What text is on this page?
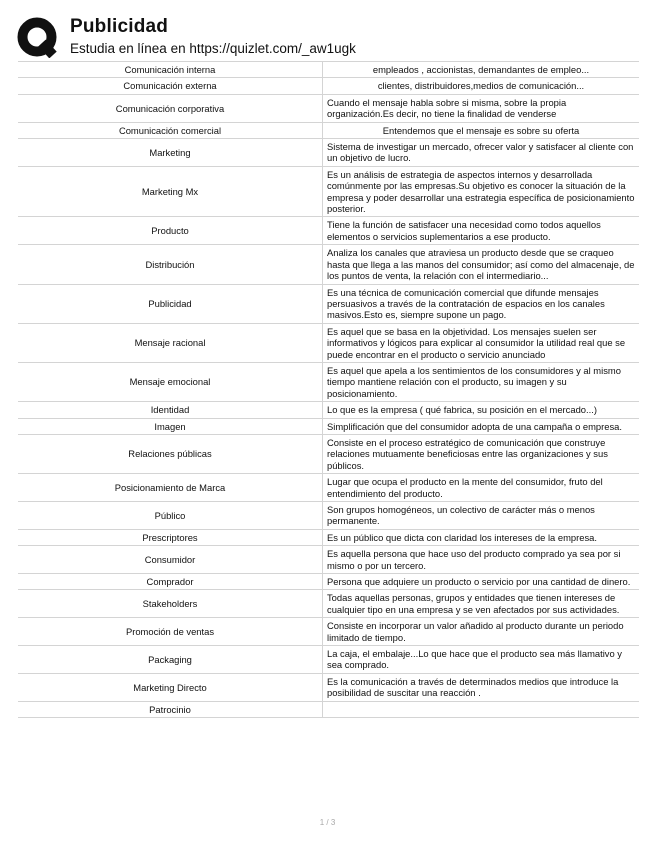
Publicidad
Estudia en línea en https://quizlet.com/_aw1ugk
Comunicación interna	empleados , accionistas, demandantes de empleo...
Comunicación externa	clientes, distribuidores,medios de comunicación...
Comunicación corporativa	Cuando el mensaje habla sobre si misma, sobre la propia organización.Es decir, no tiene la finalidad de venderse
Comunicación comercial	Entendemos que el mensaje es sobre su oferta
Marketing	Sistema de investigar un mercado, ofrecer valor y satisfacer al cliente con un objetivo de lucro.
Marketing Mx	Es un análisis de estrategia de aspectos internos y desarrollada comúnmente por las empresas.Su objetivo es conocer la situación de la empresa y poder desarrollar una estrategia específica de posicionamiento posterior.
Producto	Tiene la función de satisfacer una necesidad como todos aquellos elementos o servicios suplementarios a ese producto.
Distribución	Analiza los canales que atraviesa un producto desde que se craqueo hasta que llega a las manos del consumidor; así como del almacenaje, de los puntos de venta, la relación con el intermediario...
Publicidad	Es una técnica de comunicación comercial que difunde mensajes persuasivos a través de la contratación de espacios en los canales masivos.Esto es, siempre supone un pago.
Mensaje racional	Es aquel que se basa en la objetividad. Los mensajes suelen ser informativos y lógicos para explicar al consumidor la utilidad real que se puede encontrar en el producto o servicio anunciado
Mensaje emocional	Es aquel que apela a los sentimientos de los consumidores y al mismo tiempo mantiene relación con el producto, su imagen y su posicionamiento.
Identidad	Lo que es la empresa ( qué fabrica, su posición en el mercado...)
Imagen	Simplificación que del consumidor adopta de una campaña o empresa.
Relaciones públicas	Consiste en el proceso estratégico de comunicación que construye relaciones mutuamente beneficiosas entre las organizaciones y sus públicos.
Posicionamiento de Marca	Lugar que ocupa el producto en la mente del consumidor, fruto del entendimiento del producto.
Público	Son grupos homogéneos, un colectivo de carácter más o menos permanente.
Prescriptores	Es un público que dicta con claridad los intereses de la empresa.
Consumidor	Es aquella persona que hace uso del producto comprado ya sea por si mismo o por un tercero.
Comprador	Persona que adquiere un producto o servicio por una cantidad de dinero.
Stakeholders	Todas aquellas personas, grupos y entidades que tienen intereses de cualquier tipo en una empresa y se ven afectados por sus actividades.
Promoción de ventas	Consiste en incorporar un valor añadido al producto durante un periodo limitado de tiempo.
Packaging	La caja, el embalaje...Lo que hace que el producto sea más llamativo y sea comprado.
Marketing Directo	Es la comunicación a través de determinados medios que introduce la posibilidad de suscitar una reacción .
Patrocinio	
1 / 3
